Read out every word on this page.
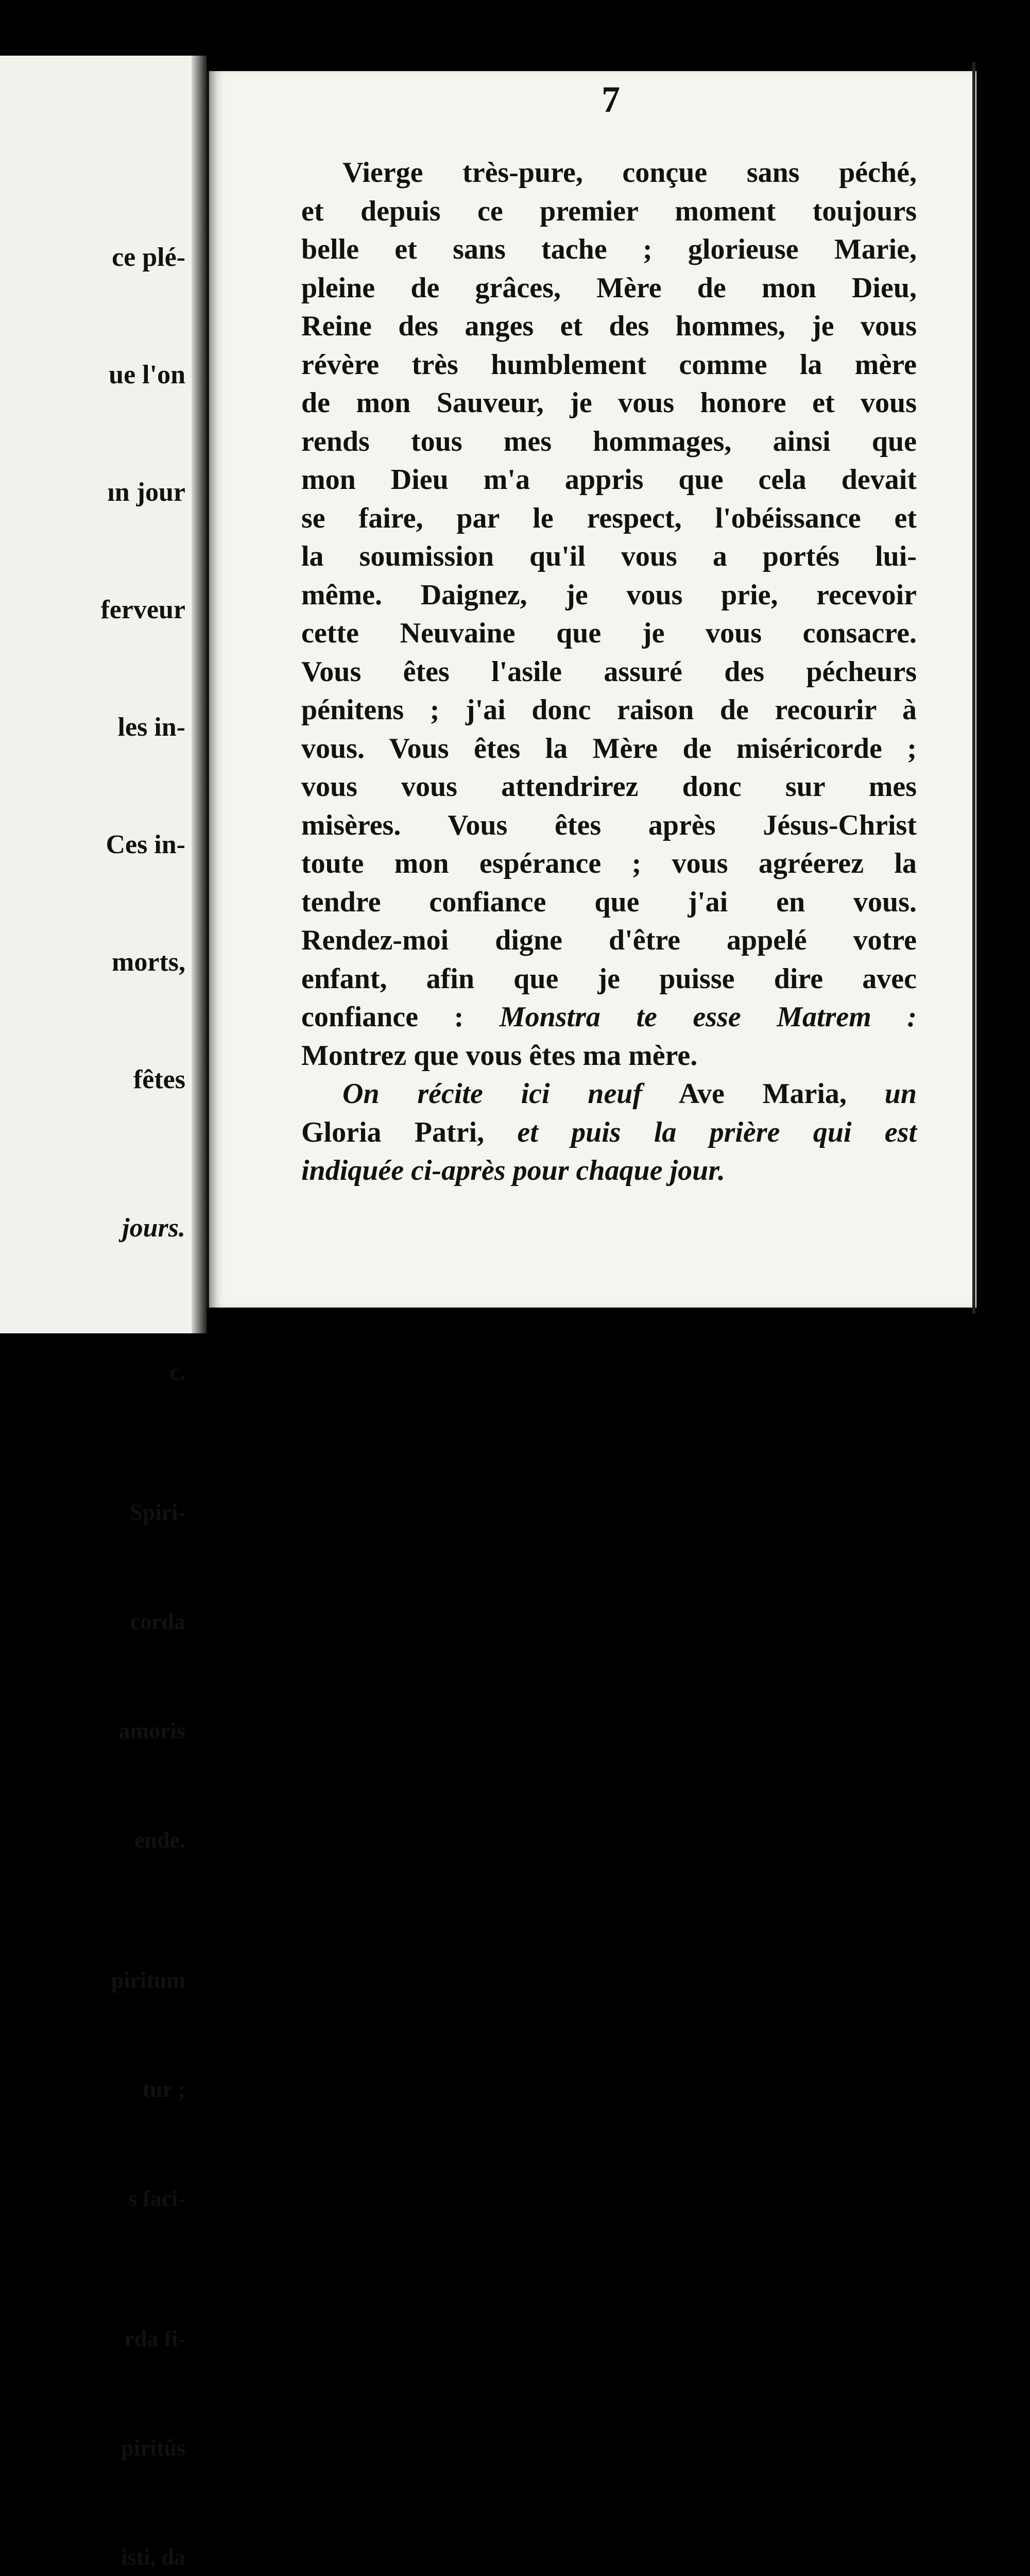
ce plé-

ue l'on

ın jour

ferveur

les in-

Ces in-

morts,

fêtes

jours.

c.

Spiri-

corda

amoris

ende.

piritum

tur ;

s faci-

rda fi-

piritûs

isti, da

7
Vierge très-pure, conçue sans péché,
et depuis ce premier moment toujours
belle et sans tache ; glorieuse Marie,
pleine de grâces, Mère de mon Dieu,
Reine des anges et des hommes, je vous
révère très humblement comme la mère
de mon Sauveur, je vous honore et vous
rends tous mes hommages, ainsi que
mon Dieu m'a appris que cela devait
se faire, par le respect, l'obéissance et
la soumission qu'il vous a portés lui-
même. Daignez, je vous prie, recevoir
cette Neuvaine que je vous consacre.
Vous êtes l'asile assuré des pécheurs
pénitens ; j'ai donc raison de recourir à
vous. Vous êtes la Mère de miséricorde ;
vous vous attendrirez donc sur mes
misères. Vous êtes après Jésus-Christ
toute mon espérance ; vous agréerez la
tendre confiance que j'ai en vous.
Rendez-moi digne d'être appelé votre
enfant, afin que je puisse dire avec
confiance : Monstra te esse Matrem :
Montrez que vous êtes ma mère.
On récite ici neuf Ave Maria, un
Gloria Patri, et puis la prière qui est
indiquée ci-après pour chaque jour.
